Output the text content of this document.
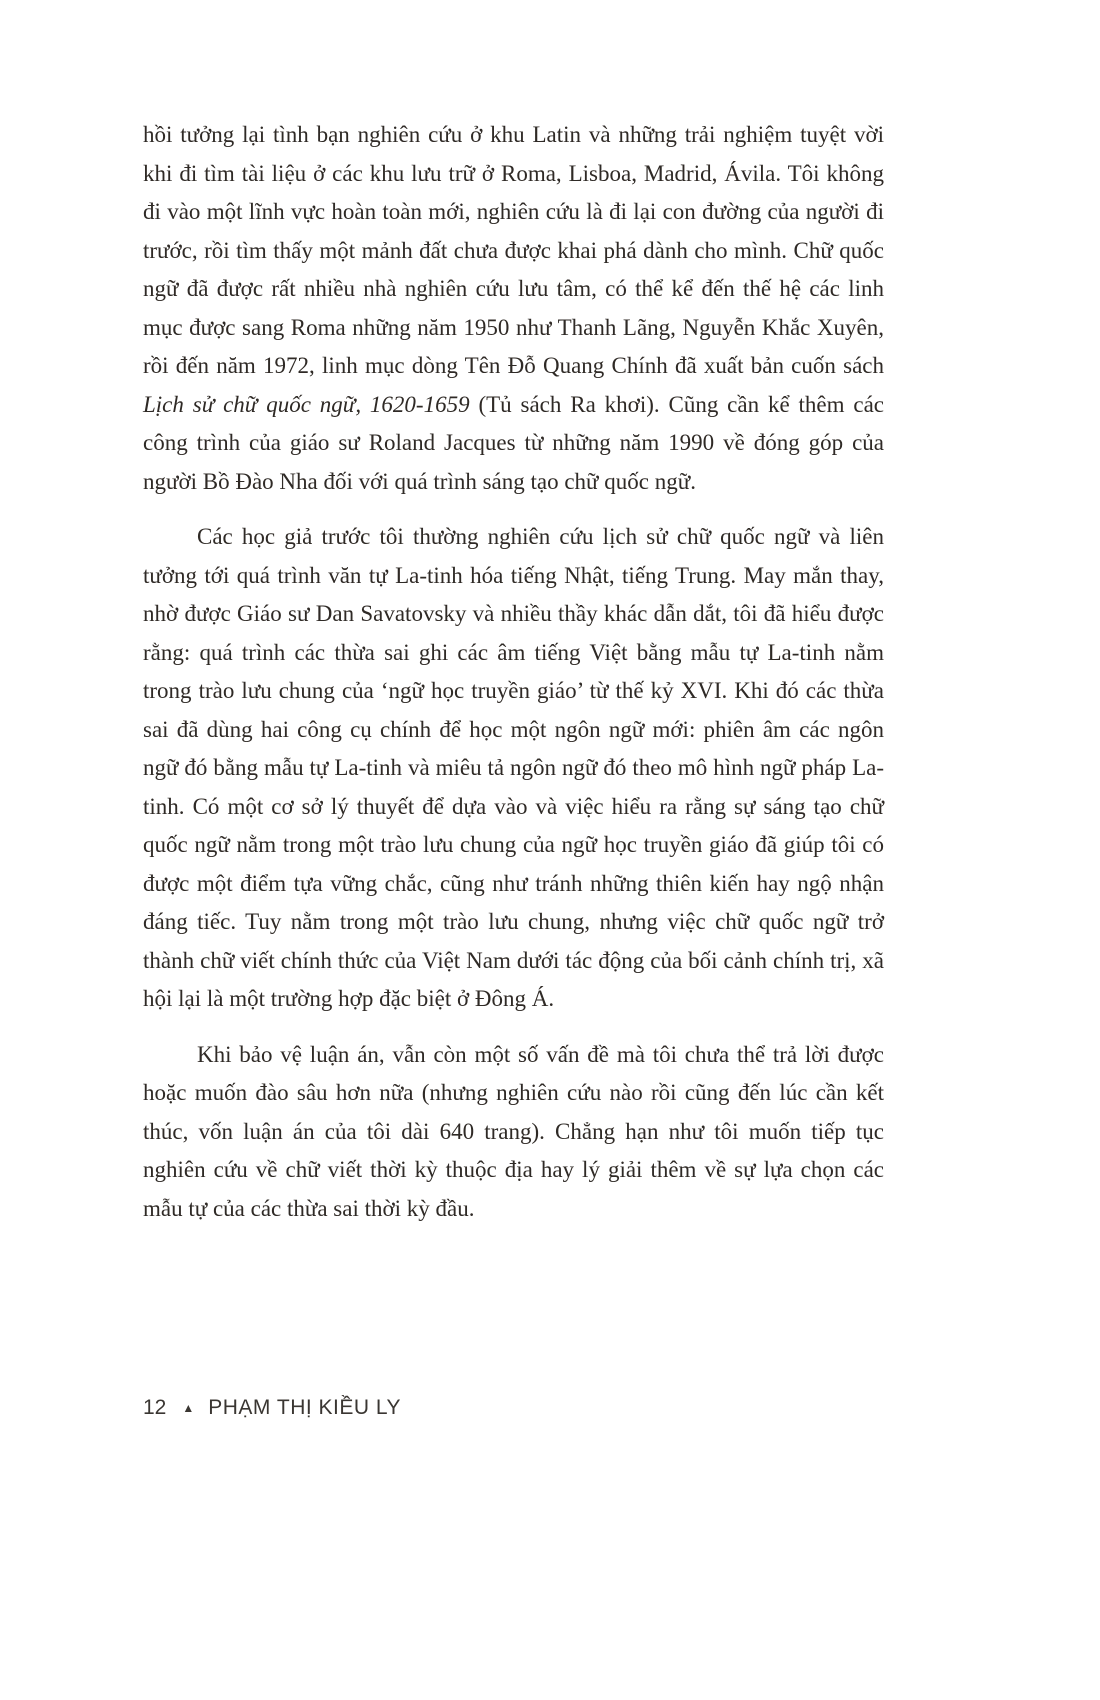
hồi tưởng lại tình bạn nghiên cứu ở khu Latin và những trải nghiệm tuyệt vời khi đi tìm tài liệu ở các khu lưu trữ ở Roma, Lisboa, Madrid, Ávila. Tôi không đi vào một lĩnh vực hoàn toàn mới, nghiên cứu là đi lại con đường của người đi trước, rồi tìm thấy một mảnh đất chưa được khai phá dành cho mình. Chữ quốc ngữ đã được rất nhiều nhà nghiên cứu lưu tâm, có thể kể đến thế hệ các linh mục được sang Roma những năm 1950 như Thanh Lãng, Nguyễn Khắc Xuyên, rồi đến năm 1972, linh mục dòng Tên Đỗ Quang Chính đã xuất bản cuốn sách Lịch sử chữ quốc ngữ, 1620-1659 (Tủ sách Ra khơi). Cũng cần kể thêm các công trình của giáo sư Roland Jacques từ những năm 1990 về đóng góp của người Bồ Đào Nha đối với quá trình sáng tạo chữ quốc ngữ.

Các học giả trước tôi thường nghiên cứu lịch sử chữ quốc ngữ và liên tưởng tới quá trình văn tự La-tinh hóa tiếng Nhật, tiếng Trung. May mắn thay, nhờ được Giáo sư Dan Savatovsky và nhiều thầy khác dẫn dắt, tôi đã hiểu được rằng: quá trình các thừa sai ghi các âm tiếng Việt bằng mẫu tự La-tinh nằm trong trào lưu chung của ‘ngữ học truyền giáo’ từ thế kỷ XVI. Khi đó các thừa sai đã dùng hai công cụ chính để học một ngôn ngữ mới: phiên âm các ngôn ngữ đó bằng mẫu tự La-tinh và miêu tả ngôn ngữ đó theo mô hình ngữ pháp La-tinh. Có một cơ sở lý thuyết để dựa vào và việc hiểu ra rằng sự sáng tạo chữ quốc ngữ nằm trong một trào lưu chung của ngữ học truyền giáo đã giúp tôi có được một điểm tựa vững chắc, cũng như tránh những thiên kiến hay ngộ nhận đáng tiếc. Tuy nằm trong một trào lưu chung, nhưng việc chữ quốc ngữ trở thành chữ viết chính thức của Việt Nam dưới tác động của bối cảnh chính trị, xã hội lại là một trường hợp đặc biệt ở Đông Á.

Khi bảo vệ luận án, vẫn còn một số vấn đề mà tôi chưa thể trả lời được hoặc muốn đào sâu hơn nữa (nhưng nghiên cứu nào rồi cũng đến lúc cần kết thúc, vốn luận án của tôi dài 640 trang). Chẳng hạn như tôi muốn tiếp tục nghiên cứu về chữ viết thời kỳ thuộc địa hay lý giải thêm về sự lựa chọn các mẫu tự của các thừa sai thời kỳ đầu.

12 ▲ PHẠM THỊ KIỀU LY
